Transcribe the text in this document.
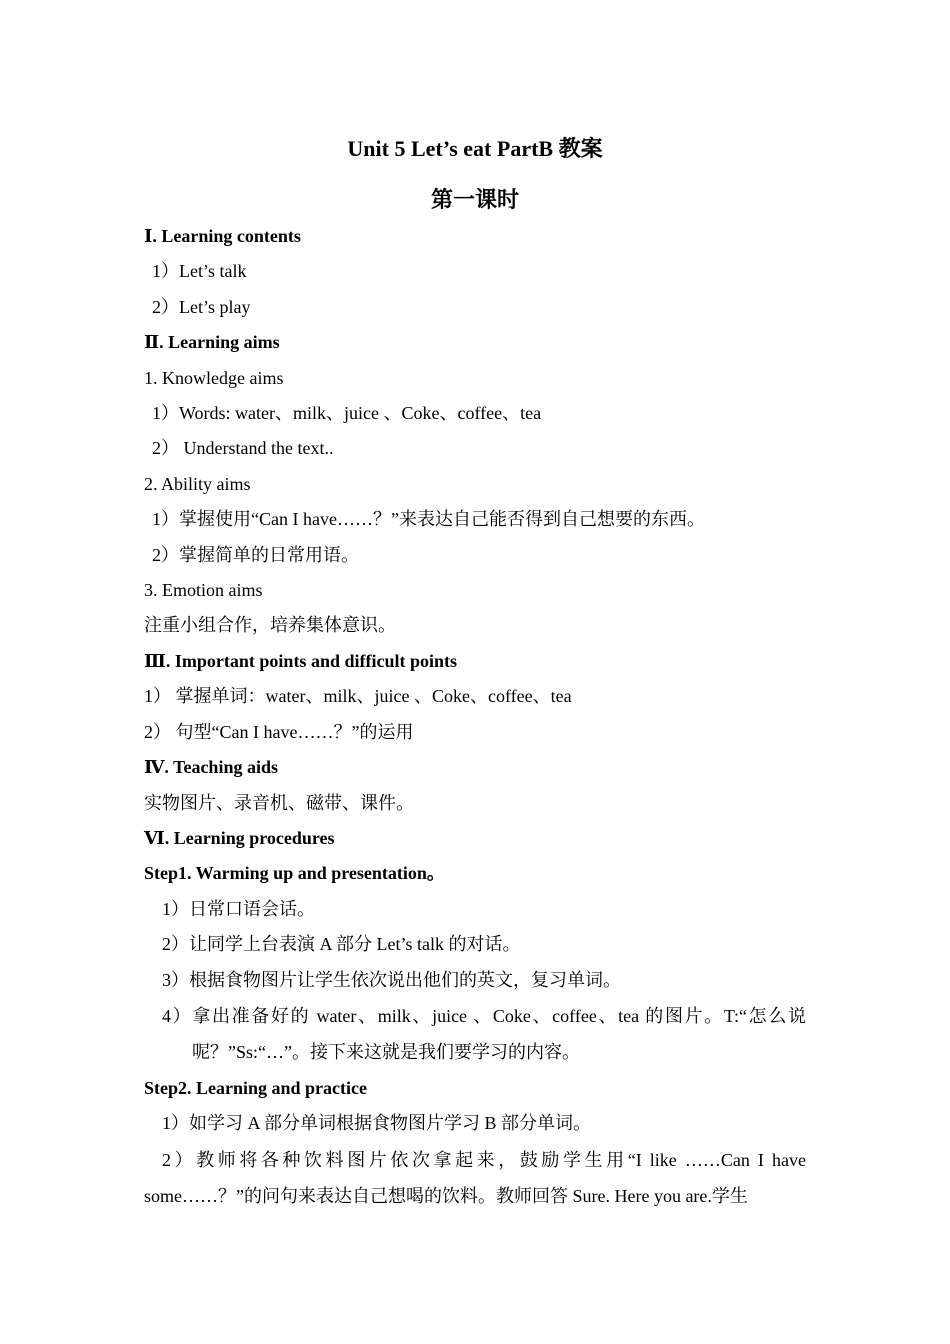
Unit 5 Let’s eat PartB 教案
第一课时
Ⅰ. Learning contents
1）Let’s talk
2）Let’s play
Ⅱ. Learning aims
1. Knowledge aims
1）Words: water、milk、juice 、Coke、coffee、tea
2） Understand the text..
2. Ability aims
1）掌握使用“Can I have……？”来表达自己能否得到自己想要的东西。
2）掌握简单的日常用语。
3. Emotion aims
注重小组合作，培养集体意识。
Ⅲ. Important points and difficult points
1） 掌握单词：water、milk、juice 、Coke、coffee、tea
2） 句型“Can I have……？”的运用
Ⅳ. Teaching aids
实物图片、录音机、磁带、课件。
Ⅵ. Learning procedures
Step1. Warming up and presentation。
1）日常口语会话。
2）让同学上台表演 A 部分 Let’s talk 的对话。
3）根据食物图片让学生依次说出他们的英文，复习单词。
4）拿出准备好的 water、milk、juice 、Coke、coffee、tea 的图片。T:“怎么说呢？”Ss:“…”。接下来这就是我们要学习的内容。
Step2. Learning and practice
1）如学习 A 部分单词根据食物图片学习 B 部分单词。
2）教师将各种饮料图片依次拿起来，鼓励学生用“I like ……Can I have
some……？”的问句来表达自己想喝的饮料。教师回答 Sure. Here you are.学生
